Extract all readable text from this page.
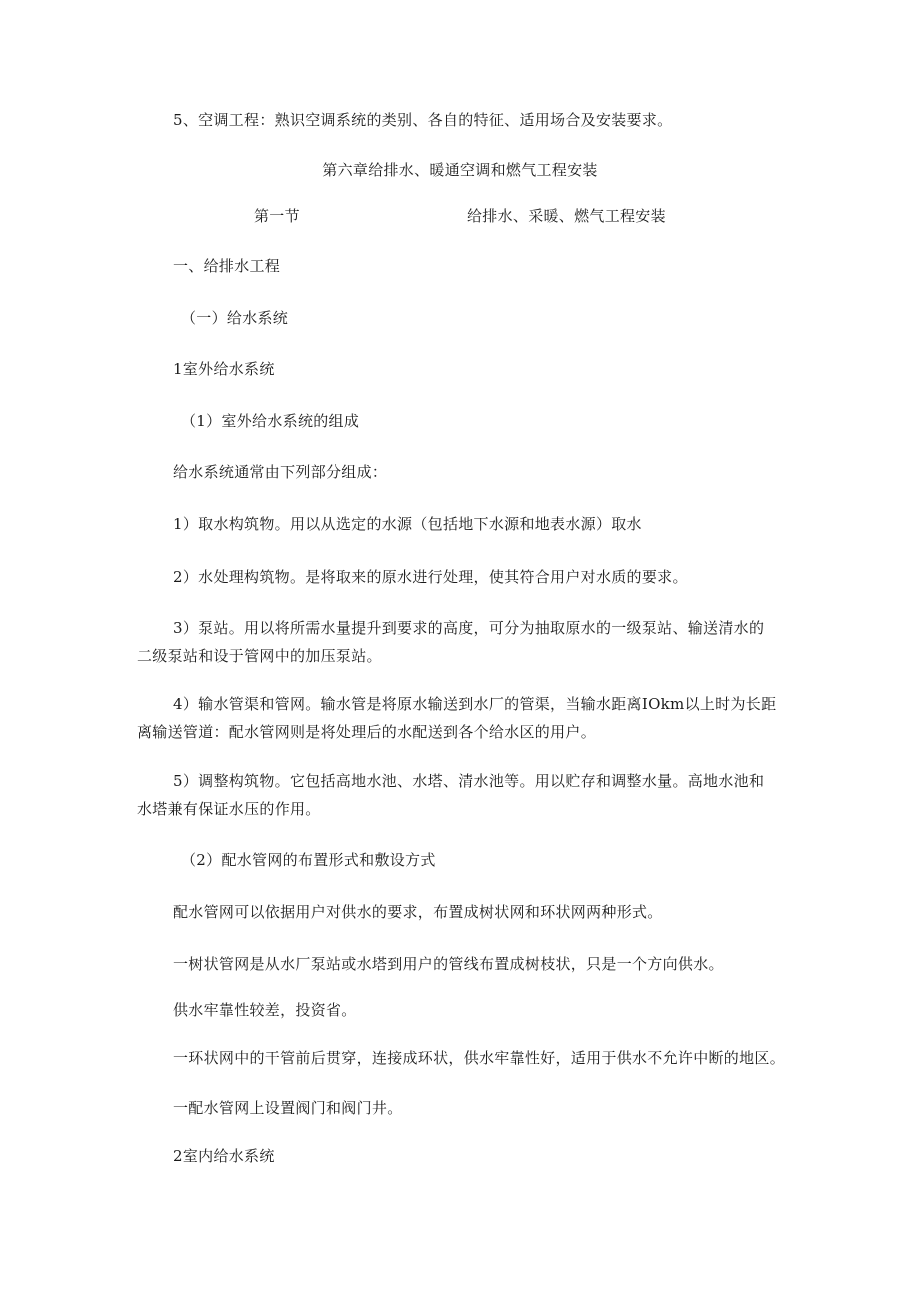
5、空调工程：熟识空调系统的类别、各自的特征、适用场合及安装要求。

第六章给排水、暖通空调和燃气工程安装

第一节	给排水、采暖、燃气工程安装

一、给排水工程

（一）给水系统

1室外给水系统

（1）室外给水系统的组成

给水系统通常由下列部分组成：

1）取水构筑物。用以从选定的水源（包括地下水源和地表水源）取水

2）水处理构筑物。是将取来的原水进行处理，使其符合用户对水质的要求。

3）泵站。用以将所需水量提升到要求的高度，可分为抽取原水的一级泵站、输送清水的

二级泵站和设于管网中的加压泵站。

4）输水管渠和管网。输水管是将原水输送到水厂的管渠，当输水距离IOkm以上时为长距

离输送管道：配水管网则是将处理后的水配送到各个给水区的用户。

5）调整构筑物。它包括高地水池、水塔、清水池等。用以贮存和调整水量。高地水池和

水塔兼有保证水压的作用。

（2）配水管网的布置形式和敷设方式

配水管网可以依据用户对供水的要求，布置成树状网和环状网两种形式。

一树状管网是从水厂泵站或水塔到用户的管线布置成树枝状，只是一个方向供水。

供水牢靠性较差，投资省。

一环状网中的干管前后贯穿，连接成环状，供水牢靠性好，适用于供水不允许中断的地区。

一配水管网上设置阀门和阀门井。

2室内给水系统
